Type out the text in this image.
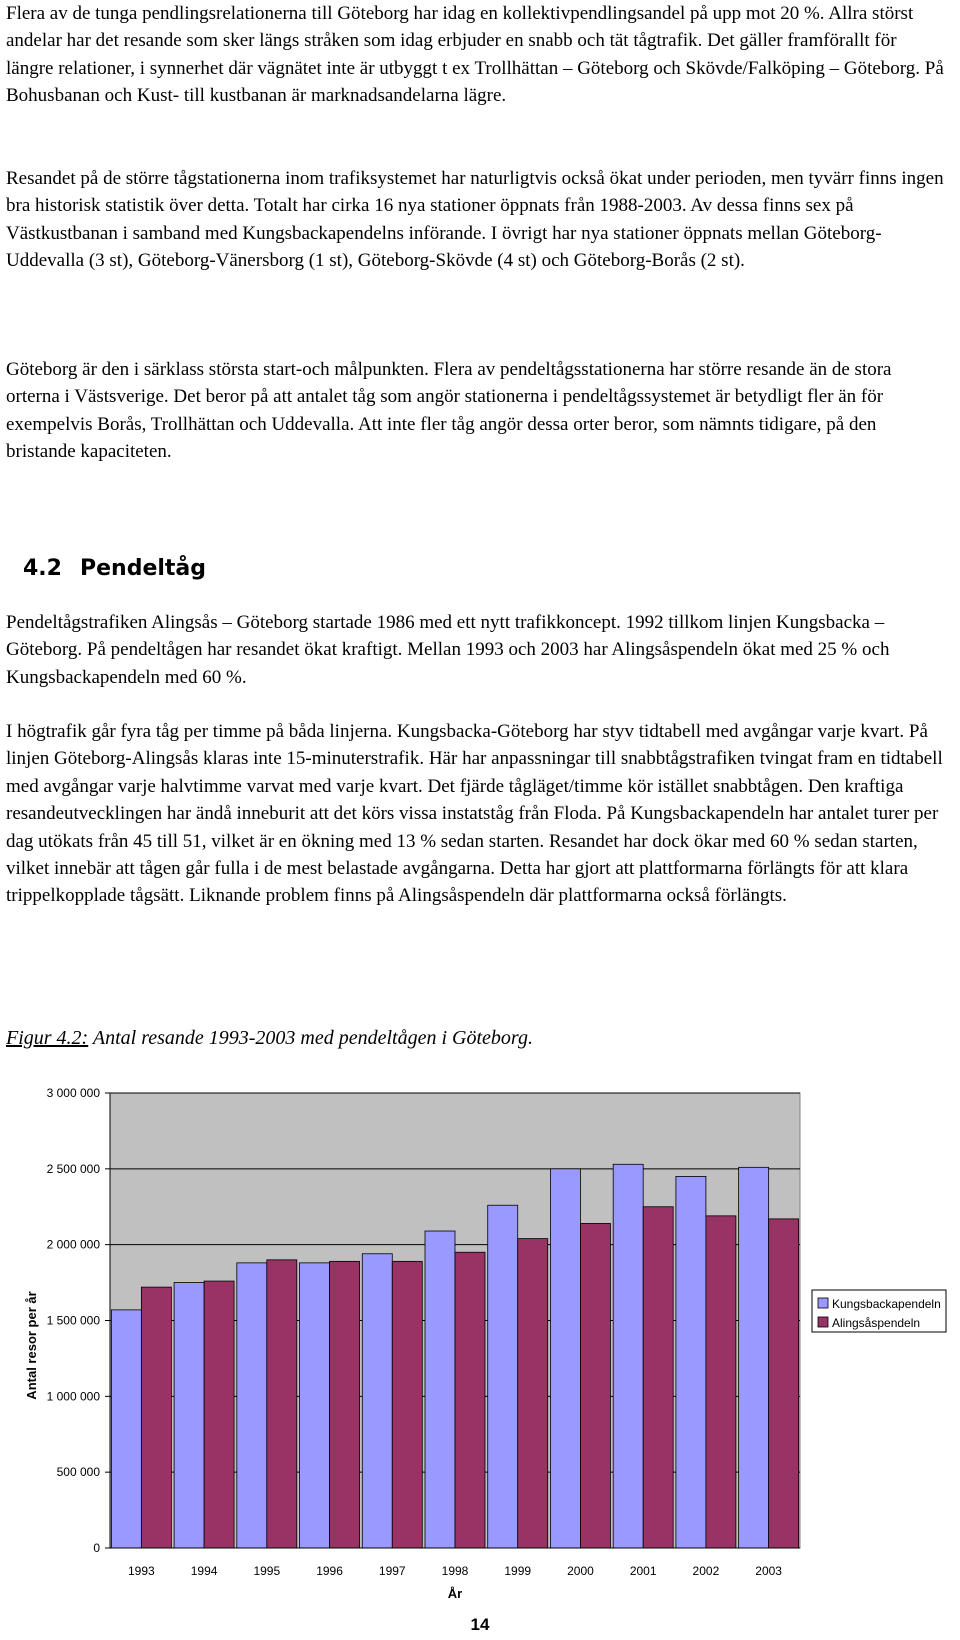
Flera av de tunga pendlingsrelationerna till Göteborg har idag en kollektivpendlingsandel på upp mot 20 %. Allra störst andelar har det resande som sker längs stråken som idag erbjuder en snabb och tät tågtrafik. Det gäller framförallt för längre relationer, i synnerhet där vägnätet inte är utbyggt t ex Trollhättan – Göteborg och Skövde/Falköping – Göteborg. På Bohusbanan och Kust- till kustbanan är marknadsandelarna lägre.

Resandet på de större tågstationerna inom trafiksystemet har naturligtvis också ökat under perioden, men tyvärr finns ingen bra historisk statistik över detta. Totalt har cirka 16 nya stationer öppnats från 1988-2003. Av dessa finns sex på Västkustbanan i samband med Kungsbackapendelns införande. I övrigt har nya stationer öppnats mellan Göteborg-Uddevalla (3 st), Göteborg-Vänersborg (1 st), Göteborg-Skövde (4 st) och Göteborg-Borås (2 st).

Göteborg är den i särklass största start-och målpunkten. Flera av pendeltågsstationerna har större resande än de stora orterna i Västsverige. Det beror på att antalet tåg som angör stationerna i pendeltågssystemet är betydligt fler än för exempelvis Borås, Trollhättan och Uddevalla. Att inte fler tåg angör dessa orter beror, som nämnts tidigare, på den bristande kapaciteten.

4.2 Pendeltåg

Pendeltågstrafiken Alingsås – Göteborg startade 1986 med ett nytt trafikkoncept. 1992 tillkom linjen Kungsbacka – Göteborg. På pendeltågen har resandet ökat kraftigt. Mellan 1993 och 2003 har Alingsåspendeln ökat med 25 % och Kungsbackapendeln med 60 %.

I högtrafik går fyra tåg per timme på båda linjerna. Kungsbacka-Göteborg har styv tidtabell med avgångar varje kvart. På linjen Göteborg-Alingsås klaras inte 15-minuterstrafik. Här har anpassningar till snabbtågstrafiken tvingat fram en tidtabell med avgångar varje halvtimme varvat med varje kvart. Det fjärde tågläget/timme kör istället snabbtågen. Den kraftiga resandeutvecklingen har ändå inneburit att det körs vissa instatståg från Floda. På Kungsbackapendeln har antalet turer per dag utökats från 45 till 51, vilket är en ökning med 13 % sedan starten. Resandet har dock ökar med 60 % sedan starten, vilket innebär att tågen går fulla i de mest belastade avgångarna. Detta har gjort att plattformarna förlängts för att klara trippelkopplade tågsätt. Liknande problem finns på Alingsåspendeln där plattformarna också förlängts.

Figur 4.2: Antal resande 1993-2003 med pendeltågen i Göteborg.

0
500 000
1 000 000
1 500 000
2 000 000
2 500 000
3 000 000
1993	1994	1995	1996	1997	1998	1999	2000	2001	2002	2003
År
Antal resor per år	Kungsbackapendeln
Alingsåspendeln
14
